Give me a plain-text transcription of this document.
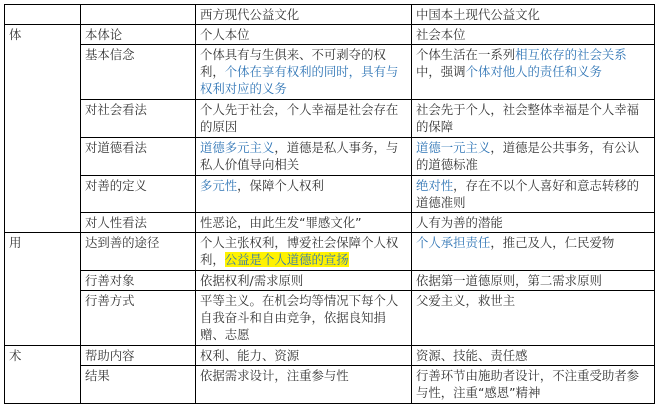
		西方现代公益文化	中国本土现代公益文化
体	本体论	个人本位	社会本位
	基本信念	个体具有与生俱来、不可剥夺的权利，个体在享有权利的同时，具有与权利对应的义务	个体生活在一系列相互依存的社会关系中，强调个体对他人的责任和义务
	对社会看法	个人先于社会，个人幸福是社会存在的原因	社会先于个人，社会整体幸福是个人幸福的保障
	对道德看法	道德多元主义，道德是私人事务，与私人价值导向相关	道德一元主义，道德是公共事务，有公认的道德标准
	对善的定义	多元性，保障个人权利	绝对性，存在不以个人喜好和意志转移的道德准则
	对人性看法	性恶论，由此生发“罪感文化”	人有为善的潜能
用	达到善的途径	个人主张权利，博爱社会保障个人权利，公益是个人道德的宣扬	个人承担责任，推己及人，仁民爱物
	行善对象	依据权利/需求原则	依据第一道德原则，第二需求原则
	行善方式	平等主义。在机会均等情况下每个人自我奋斗和自由竞争，依据良知捐赠、志愿	父爱主义，救世主
术	帮助内容	权利、能力、资源	资源、技能、责任感
	结果	依据需求设计，注重参与性	行善环节由施助者设计，不注重受助者参与性，注重“感恩”精神
